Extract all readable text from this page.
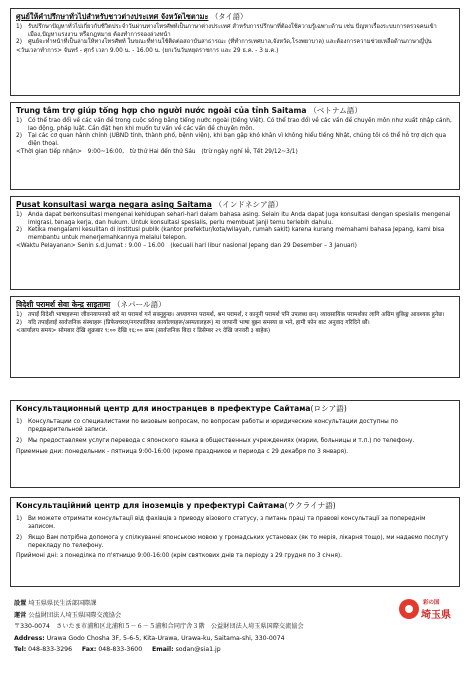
ศูนย์ให้คำปรึกษาทั่วไปสำหรับชาวต่างประเทศ จังหวัดไซตามะ （タイ語）
1)	รับปรึกษาปัญหาทั่วไปเกี่ยวกับชีวิตประจำวันผ่านทางโทรศัพท์เป็นภาษาต่างประเทศ สำหรับการปรึกษาที่ต้องใช้ความรู้เฉพาะด้าน เช่น ปัญหาเรื่องระบบการตรวจคนเข้าเมือง,ปัญหาแรงงาน หรือกฎหมาย ต้องทำการจองล่วงหน้า
2)	ศูนย์จะทำหน้าที่เป็นล่ามให้ทางโทรศัพท์ ในขณะที่ท่านใช้ติดต่อสถาบันสาธารณะ (ที่ทำการเทศบาล,จังหวัด,โรงพยาบาล) และต้องการความช่วยเหลือด้านภาษาญี่ปุ่น
<วันเวลาทำการ> จันทร์ - ศุกร์ เวลา 9.00 น. - 16.00 น. (ยกเว้นวันหยุดราชการ และ 29 ธ.ค. - 3 ม.ค.)
Trung tâm trợ giúp tổng hợp cho người nước ngoài của tỉnh Saitama （ベトナム語）
1)	Có thể trao đổi về các vấn đề trong cuộc sống bằng tiếng nước ngoài (tiếng Việt). Có thể trao đổi về các vấn đề chuyên môn như xuất nhập cảnh, lao động, pháp luật. Cần đặt hẹn khi muốn tư vấn về các vấn đề chuyên môn.
2)	Tại các cơ quan hành chính (UBND tỉnh, thành phố, bệnh viện), khi bạn gặp khó khăn vì không hiểu tiếng Nhật, chúng tôi có thể hỗ trợ dịch qua điện thoại.
<Thời gian tiếp nhận>　9:00~16:00,　từ thứ Hai đến thứ Sáu　(trừ ngày nghỉ lễ, Tết 29/12~3/1)
Pusat konsultasi warga negara asing Saitama （インドネシア語）
1)	Anda dapat berkonsultasi mengenai kehidupan sehari-hari dalam bahasa asing. Selain itu Anda dapat juga konsultasi dengan spesialis mengenai imigrasi, tenaga kerja, dan hukum. Untuk konsultasi spesialis, perlu membuat janji temu terlebih dahulu.
2)	Ketika mengalami kesulitan di institusi publik (kantor prefektur/kota/wilayah, rumah sakit) karena kurang memahami bahasa Jepang, kami bisa membantu untuk menerjemahkannya melalui telepon.
<Waktu Pelayanan> Senin s.d.Jumat : 9.00 – 16.00　(kecuali hari libur nasional Jepang dan 29 Desember – 3 Januari)
विदेशी परामर्श सेवा केन्द्र साइतामा （ネパール語）
1)	तपाईं विदेशी भाषाहरूमा जीवनयापनको बारे मा परामर्श गर्न सक्नुहुन्छ। अध्यागमन परामर्श, श्रम परामर्श, र कानूनी परामर्श पनि उपलब्ध छन्। व्यावसायिक परामर्शका लागि अग्रिम बुकिङ्ग आवश्यक हुनेछ।
2)	यदि तपाईंलाई सार्वजनिक संस्थाहरू (प्रिफेक्चरल/नगरपालिका कार्यालयहरू/अस्पतालहरू) मा जापानी भाषा बुझ्न समस्या छ भने, हामी फोन बाट अनुवाद गरिदिने छौं।
<कार्यालय समय> सोमबार देखि शुक्रबार ९:०० देखि १६:०० सम्म (सार्वजनिक बिदा र डिसेम्बर २९ देखि जनवरी ३ बाहेक)
Консультационный центр для иностранцев в префектуре Сайтама(ロシア語)
1)	Консультации со специалистами по визовым вопросам, по вопросам работы и юридические консультации доступны по предварительной записи.
2)	Мы предоставляем услуги перевода с японского языка в общественных учреждениях (мэрии, больницы и т.п.) по телефону.
Приемные дни: понедельник - пятница 9:00-16:00 (кроме праздников и периода с 29 декабря по 3 января).
Консультаційний центр для іноземців у префектурі Сайтама(ウクライナ語)
1)	Ви можете отримати консультації від фахівців з приводу візового статусу, з питань праці та правові консультації за попереднім записом.
2)	Якщо Вам потрібна допомога у спілкуванні японською мовою у громадських установах (як то мерія, лікарня тощо), ми надаємо послугу перекладу по телефону.
Приймоні дні: з понеділка по п'ятницю 9:00-16:00 (крім святкових днів та періоду з 29 грудня по 3 січня).
設置 埼玉県県民生活部国際課
運営 公益財団法人埼玉県国際交流協会
〒330-0074　さいたま市浦和区北浦和５－６－５浦和合同庁舎３階　公益財団法人埼玉県国際交流協会
Address: Urawa Godo Chosha 3F, 5-6-5, Kita-Urawa, Urawa-ku, Saitama-shi, 330-0074
Tel: 048-833-3296 Fax: 048-833-3600 Email: sodan@sia1.jp
彩の国
埼玉県
